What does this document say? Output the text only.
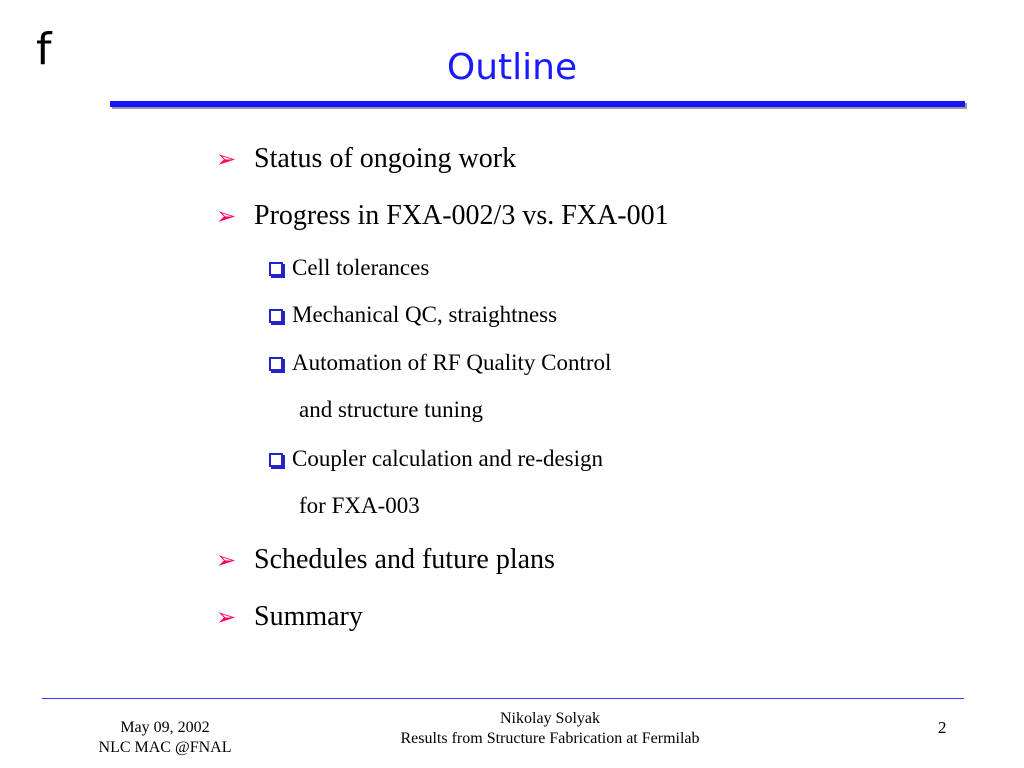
f	Outline
➢ Status of ongoing work
➢ Progress in FXA-002/3 vs. FXA-001
Cell tolerances
Mechanical QC, straightness
Automation of RF Quality Control
and structure tuning
Coupler calculation and re-design
for FXA-003
➢ Schedules and future plans
➢ Summary
May 09, 2002
NLC MAC @FNAL
Nikolay Solyak
Results from Structure Fabrication at Fermilab
2
